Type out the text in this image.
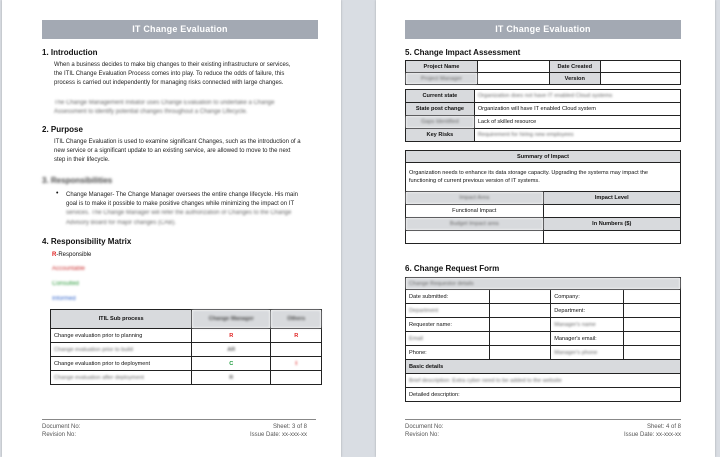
IT Change Evaluation
1. Introduction
When a business decides to make big changes to their existing infrastructure or services,
the ITIL Change Evaluation Process comes into play. To reduce the odds of failure, this
process is carried out independently for managing risks connected with large changes.
The Change Management Initiator uses Change Evaluation to undertake a Change
Assessment to identify potential changes throughout a Change Lifecycle.
2. Purpose
ITIL Change Evaluation is used to examine significant Changes, such as the introduction of a
new service or a significant update to an existing service, are allowed to move to the next
step in their lifecycle.
3. Responsibilities
• Change Manager- The Change Manager oversees the entire change lifecycle. His main
goal is to make it possible to make positive changes while minimizing the impact on IT
services. The Change Manager will refer the authorization of Changes to the Change
Advisory Board for major changes (CAB).
4. Responsibility Matrix
R-Responsible
Accountable
Consulted
Informed
ITIL Sub process	Change Manager	Others
Change evaluation prior to planning	R	R
Change evaluation prior to build	AR	
Change evaluation prior to deployment	C	I
Change evaluation after deployment	R	
Document No:
Revision No:
Sheet: 3 of 8
Issue Date: xx-xxx-xx
IT Change Evaluation
5. Change Impact Assessment
Project Name		Date Created	
Project Manager		Version	
Current state	Organization does not have IT enabled Cloud systems
State post change	Organization will have IT enabled Cloud system
Gaps Identified	Lack of skilled resource
Key Risks	Requirement for hiring new employees
Summary of Impact	

Organization needs to enhance its data storage capacity. Upgrading the systems may impact the
functioning of current previous version of IT systems.	

Impact Area	Impact Level
Functional Impact	
Budget Impact area	In Numbers ($)

6. Change Request Form
Change Requestor details			
Date submitted:		Company:	
Department		Department:	
Requester name:		Manager's name	
Email		Manager's email:	
Phone:		Manager's phone	
Basic details			
Brief description: Extra cyber need to be added to the website			
Detailed description:			
Document No:
Revision No:
Sheet: 4 of 8
Issue Date: xx-xxx-xx
